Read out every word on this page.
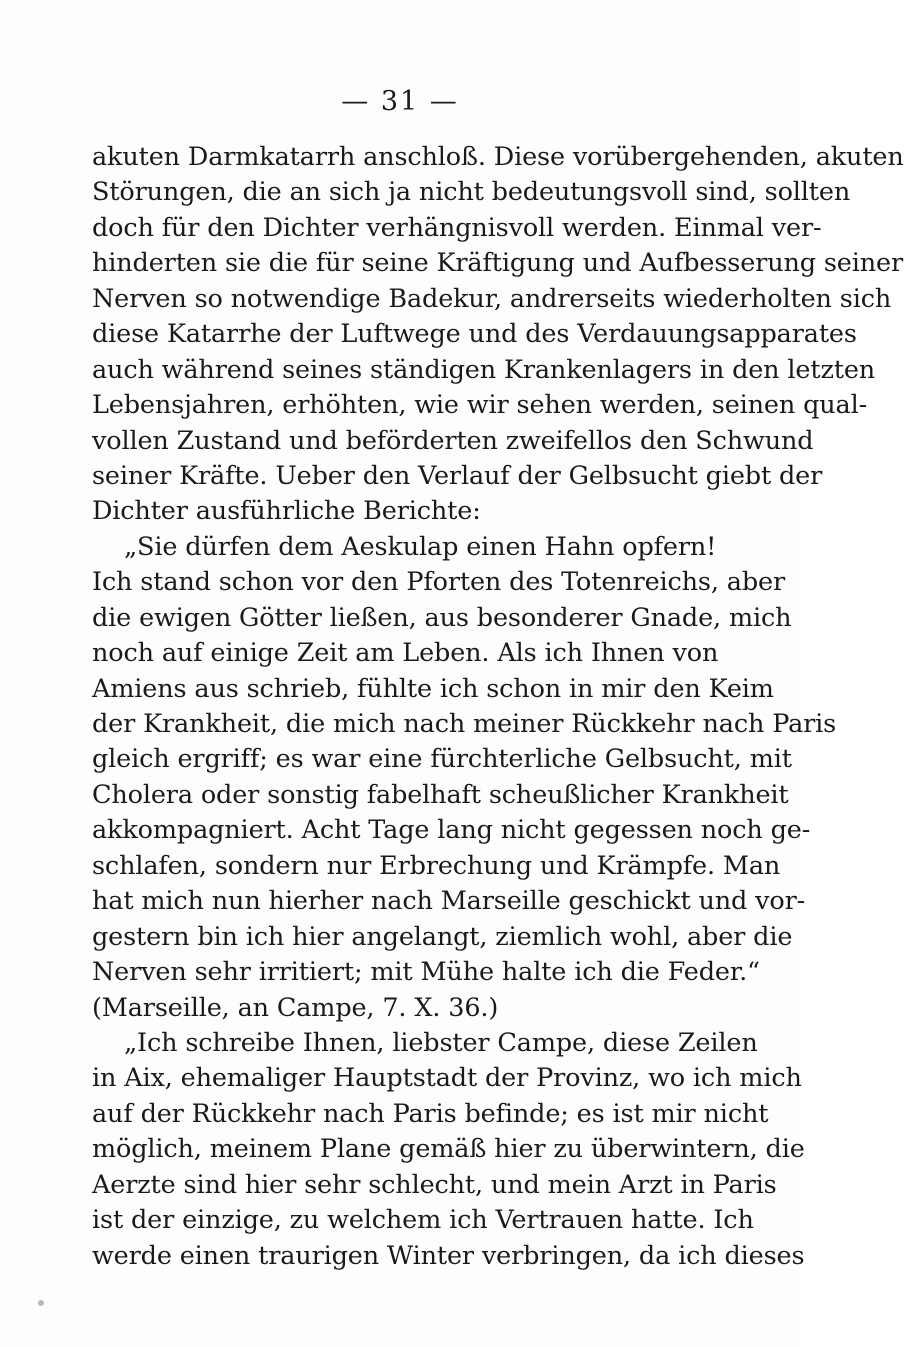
— 31 —
akuten Darmkatarrh anschloß. Diese vorübergehenden, akuten
Störungen, die an sich ja nicht bedeutungsvoll sind, sollten
doch für den Dichter verhängnisvoll werden. Einmal ver-
hinderten sie die für seine Kräftigung und Aufbesserung seiner
Nerven so notwendige Badekur, andrerseits wiederholten sich
diese Katarrhe der Luftwege und des Verdauungsapparates
auch während seines ständigen Krankenlagers in den letzten
Lebensjahren, erhöhten, wie wir sehen werden, seinen qual-
vollen Zustand und beförderten zweifellos den Schwund
seiner Kräfte. Ueber den Verlauf der Gelbsucht giebt der
Dichter ausführliche Berichte:
„Sie dürfen dem Aeskulap einen Hahn opfern!
Ich stand schon vor den Pforten des Totenreichs, aber
die ewigen Götter ließen, aus besonderer Gnade, mich
noch auf einige Zeit am Leben. Als ich Ihnen von
Amiens aus schrieb, fühlte ich schon in mir den Keim
der Krankheit, die mich nach meiner Rückkehr nach Paris
gleich ergriff; es war eine fürchterliche Gelbsucht, mit
Cholera oder sonstig fabelhaft scheußlicher Krankheit
akkompagniert. Acht Tage lang nicht gegessen noch ge-
schlafen, sondern nur Erbrechung und Krämpfe. Man
hat mich nun hierher nach Marseille geschickt und vor-
gestern bin ich hier angelangt, ziemlich wohl, aber die
Nerven sehr irritiert; mit Mühe halte ich die Feder.“
(Marseille, an Campe, 7. X. 36.)
„Ich schreibe Ihnen, liebster Campe, diese Zeilen
in Aix, ehemaliger Hauptstadt der Provinz, wo ich mich
auf der Rückkehr nach Paris befinde; es ist mir nicht
möglich, meinem Plane gemäß hier zu überwintern, die
Aerzte sind hier sehr schlecht, und mein Arzt in Paris
ist der einzige, zu welchem ich Vertrauen hatte. Ich
werde einen traurigen Winter verbringen, da ich dieses
